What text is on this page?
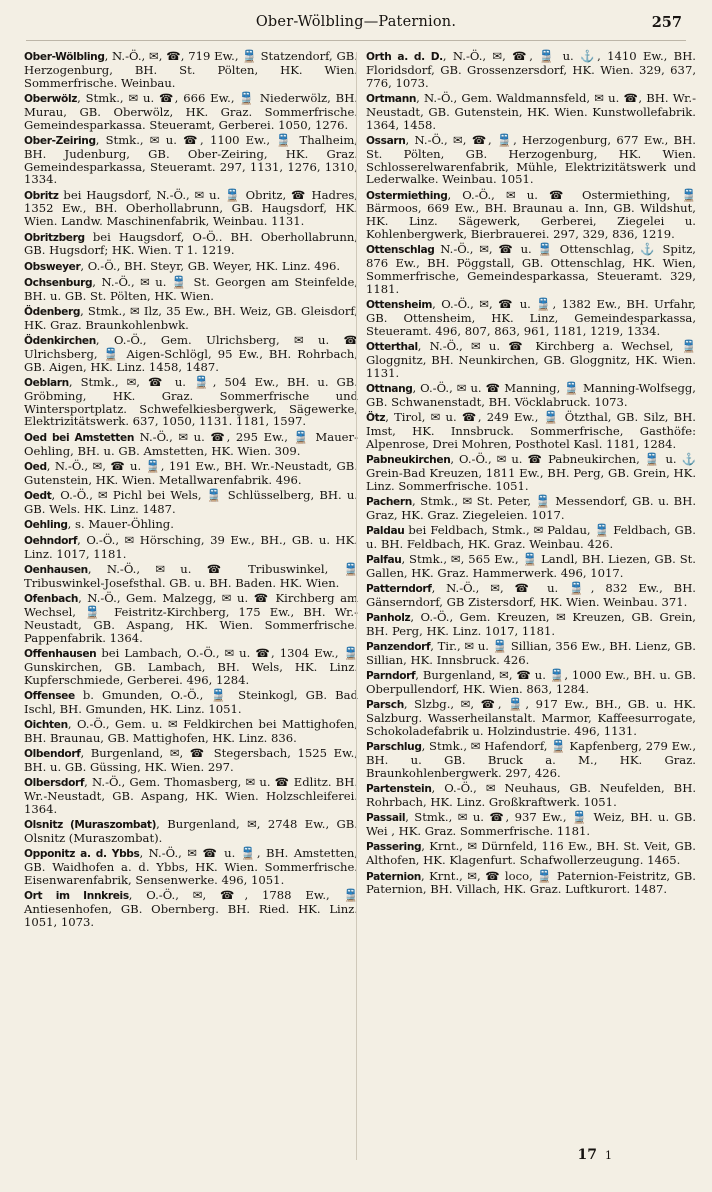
Ober-Wölbling—Paternion.	257

Ober-Wölbling, N.-Ö., ✉, ☎, 719 Ew., 🚆 Statzendorf, GB. Herzogenburg, BH. St. Pölten, HK. Wien. Sommerfrische. Weinbau.

Oberwölz, Stmk., ✉ u. ☎, 666 Ew., 🚆 Niederwölz, BH. Murau, GB. Oberwölz, HK. Graz. Sommerfrische. Gemeindesparkassa. Steueramt, Gerberei. 1050, 1276.

Ober-Zeiring, Stmk., ✉ u. ☎, 1100 Ew., 🚆 Thalheim, BH. Judenburg, GB. Ober-Zeiring, HK. Graz. Gemeindesparkassa, Steueramt. 297, 1131, 1276, 1310, 1334.

Obritz bei Haugsdorf, N.-Ö., ✉ u. 🚆 Obritz, ☎ Hadres, 1352 Ew., BH. Oberhollabrunn, GB. Haugsdorf, HK. Wien. Landw. Maschinenfabrik, Weinbau. 1131.

Obritzberg bei Haugsdorf, O-Ö.. BH. Oberhollabrunn, GB. Hugsdorf; HK. Wien. T 1. 1219.

Obsweyer, O.-Ö., BH. Steyr, GB. Weyer, HK. Linz. 496.

Ochsenburg, N.-Ö., ✉ u. 🚆 St. Georgen am Steinfelde, BH. u. GB. St. Pölten, HK. Wien.

Ödenberg, Stmk., ✉ Ilz, 35 Ew., BH. Weiz, GB. Gleisdorf, HK. Graz. Braunkohlenbwk.

Ödenkirchen, O.-Ö., Gem. Ulrichsberg, ✉ u. ☎ Ulrichsberg, 🚆 Aigen-Schlögl, 95 Ew., BH. Rohrbach, GB. Aigen, HK. Linz. 1458, 1487.

Oeblarn, Stmk., ✉, ☎ u. 🚆, 504 Ew., BH. u. GB. Gröbming, HK. Graz. Sommerfrische und Wintersportplatz. Schwefelkiesbergwerk, Sägewerke, Elektrizitätswerk. 637, 1050, 1131. 1181, 1597.

Oed bei Amstetten N.-Ö., ✉ u. ☎, 295 Ew., 🚆 Mauer-Oehling, BH. u. GB. Amstetten, HK. Wien. 309.

Oed, N.-Ö., ✉, ☎ u. 🚆, 191 Ew., BH. Wr.-Neustadt, GB. Gutenstein, HK. Wien. Metallwarenfabrik. 496.

Oedt, O.-Ö., ✉ Pichl bei Wels, 🚆 Schlüsselberg, BH. u. GB. Wels. HK. Linz. 1487.

Oehling, s. Mauer-Öhling.

Oehndorf, O.-Ö., ✉ Hörsching, 39 Ew., BH., GB. u. HK. Linz. 1017, 1181.

Oenhausen, N.-Ö., ✉ u. ☎ Tribuswinkel, 🚆 Tribuswinkel-Josefsthal. GB. u. BH. Baden. HK. Wien.

Ofenbach, N.-Ö., Gem. Malzegg, ✉ u. ☎ Kirchberg am Wechsel, 🚆 Feistritz-Kirchberg, 175 Ew., BH. Wr.-Neustadt, GB. Aspang, HK. Wien. Sommerfrische. Pappenfabrik. 1364.

Offenhausen bei Lambach, O.-Ö., ✉ u. ☎, 1304 Ew., 🚆 Gunskirchen, GB. Lambach, BH. Wels, HK. Linz. Kupferschmiede, Gerberei. 496, 1284.

Offensee b. Gmunden, O.-Ö., 🚆 Steinkogl, GB. Bad Ischl, BH. Gmunden, HK. Linz. 1051.

Oichten, O.-Ö., Gem. u. ✉ Feldkirchen bei Mattighofen, BH. Braunau, GB. Mattighofen, HK. Linz. 836.

Olbendorf, Burgenland, ✉, ☎ Stegersbach, 1525 Ew., BH. u. GB. Güssing, HK. Wien. 297.

Olbersdorf, N.-Ö., Gem. Thomasberg, ✉ u. ☎ Edlitz. BH. Wr.-Neustadt, GB. Aspang, HK. Wien. Holzschleiferei. 1364.

Olsnitz (Muraszombat), Burgenland, ✉, 2748 Ew., GB. Olsnitz (Muraszombat).

Opponitz a. d. Ybbs, N.-Ö., ✉ ☎ u. 🚆, BH. Amstetten, GB. Waidhofen a. d. Ybbs, HK. Wien. Sommerfrische. Eisenwarenfabrik, Sensenwerke. 496, 1051.

Ort im Innkreis, O.-Ö., ✉, ☎, 1788 Ew., 🚆 Antiesenhofen, GB. Obernberg. BH. Ried. HK. Linz. 1051, 1073.

Orth a. d. D., N.-Ö., ✉, ☎, 🚆 u. ⚓, 1410 Ew., BH. Floridsdorf, GB. Grossenzersdorf, HK. Wien. 329, 637, 776, 1073.

Ortmann, N.-Ö., Gem. Waldmannsfeld, ✉ u. ☎, BH. Wr.-Neustadt, GB. Gutenstein, HK. Wien. Kunstwollefabrik. 1364, 1458.

Ossarn, N.-Ö., ✉, ☎, 🚆, Herzogenburg, 677 Ew., BH. St. Pölten, GB. Herzogenburg, HK. Wien. Schlosserelwarenfabrik, Mühle, Elektrizitätswerk und Lederwalke. Weinbau. 1051.

Ostermiething, O.-Ö., ✉ u. ☎ Ostermiething, 🚆 Bärmoos, 669 Ew., BH. Braunau a. Inn, GB. Wildshut, HK. Linz. Sägewerk, Gerberei, Ziegelei u. Kohlenbergwerk, Bierbrauerei. 297, 329, 836, 1219.

Ottenschlag N.-Ö., ✉, ☎ u. 🚆 Ottenschlag, ⚓ Spitz, 876 Ew., BH. Pöggstall, GB. Ottenschlag, HK. Wien, Sommerfrische, Gemeindesparkassa, Steueramt. 329, 1181.

Ottensheim, O.-Ö., ✉, ☎ u. 🚆, 1382 Ew., BH. Urfahr, GB. Ottensheim, HK. Linz, Gemeindesparkassa, Steueramt. 496, 807, 863, 961, 1181, 1219, 1334.

Otterthal, N.-Ö., ✉ u. ☎ Kirchberg a. Wechsel, 🚆 Gloggnitz, BH. Neunkirchen, GB. Gloggnitz, HK. Wien. 1131.

Ottnang, O.-Ö., ✉ u. ☎ Manning, 🚆 Manning-Wolfsegg, GB. Schwanenstadt, BH. Vöcklabruck. 1073.

Ötz, Tirol, ✉ u. ☎, 249 Ew., 🚆 Ötzthal, GB. Silz, BH. Imst, HK. Innsbruck. Sommerfrische, Gasthöfe: Alpenrose, Drei Mohren, Posthotel Kasl. 1181, 1284.

Pabneukirchen, O.-Ö., ✉ u. ☎ Pabneukirchen, 🚆 u. ⚓ Grein-Bad Kreuzen, 1811 Ew., BH. Perg, GB. Grein, HK. Linz. Sommerfrische. 1051.

Pachern, Stmk., ✉ St. Peter, 🚆 Messendorf, GB. u. BH. Graz, HK. Graz. Ziegeleien. 1017.

Paldau bei Feldbach, Stmk., ✉ Paldau, 🚆 Feldbach, GB. u. BH. Feldbach, HK. Graz. Weinbau. 426.

Palfau, Stmk., ✉, 565 Ew., 🚆 Landl, BH. Liezen, GB. St. Gallen, HK. Graz. Hammerwerk. 496, 1017.

Patterndorf, N.-Ö., ✉, ☎ u. 🚆, 832 Ew., BH. Gänserndorf, GB Zistersdorf, HK. Wien. Weinbau. 371.

Panholz, O.-Ö., Gem. Kreuzen, ✉ Kreuzen, GB. Grein, BH. Perg, HK. Linz. 1017, 1181.

Panzendorf, Tir., ✉ u. 🚆 Sillian, 356 Ew., BH. Lienz, GB. Sillian, HK. Innsbruck. 426.

Parndorf, Burgenland, ✉, ☎ u. 🚆, 1000 Ew., BH. u. GB. Oberpullendorf, HK. Wien. 863, 1284.

Parsch, Slzbg., ✉, ☎, 🚆, 917 Ew., BH., GB. u. HK. Salzburg. Wasserheilanstalt. Marmor, Kaffeesurrogate, Schokoladefabrik u. Holzindustrie. 496, 1131.

Parschlug, Stmk., ✉ Hafendorf, 🚆 Kapfenberg, 279 Ew., BH. u. GB. Bruck a. M., HK. Graz. Braunkohlenbergwerk. 297, 426.

Partenstein, O.-Ö., ✉ Neuhaus, GB. Neufelden, BH. Rohrbach, HK. Linz. Großkraftwerk. 1051.

Passail, Stmk., ✉ u. ☎, 937 Ew., 🚆 Weiz, BH. u. GB. Wei , HK. Graz. Sommerfrische. 1181.

Passering, Krnt., ✉ Dürnfeld, 116 Ew., BH. St. Veit, GB. Althofen, HK. Klagenfurt. Schafwollerzeugung. 1465.

Paternion, Krnt., ✉, ☎ loco, 🚆 Paternion-Feistritz, GB. Paternion, BH. Villach, HK. Graz. Luftkurort. 1487.

17 1
